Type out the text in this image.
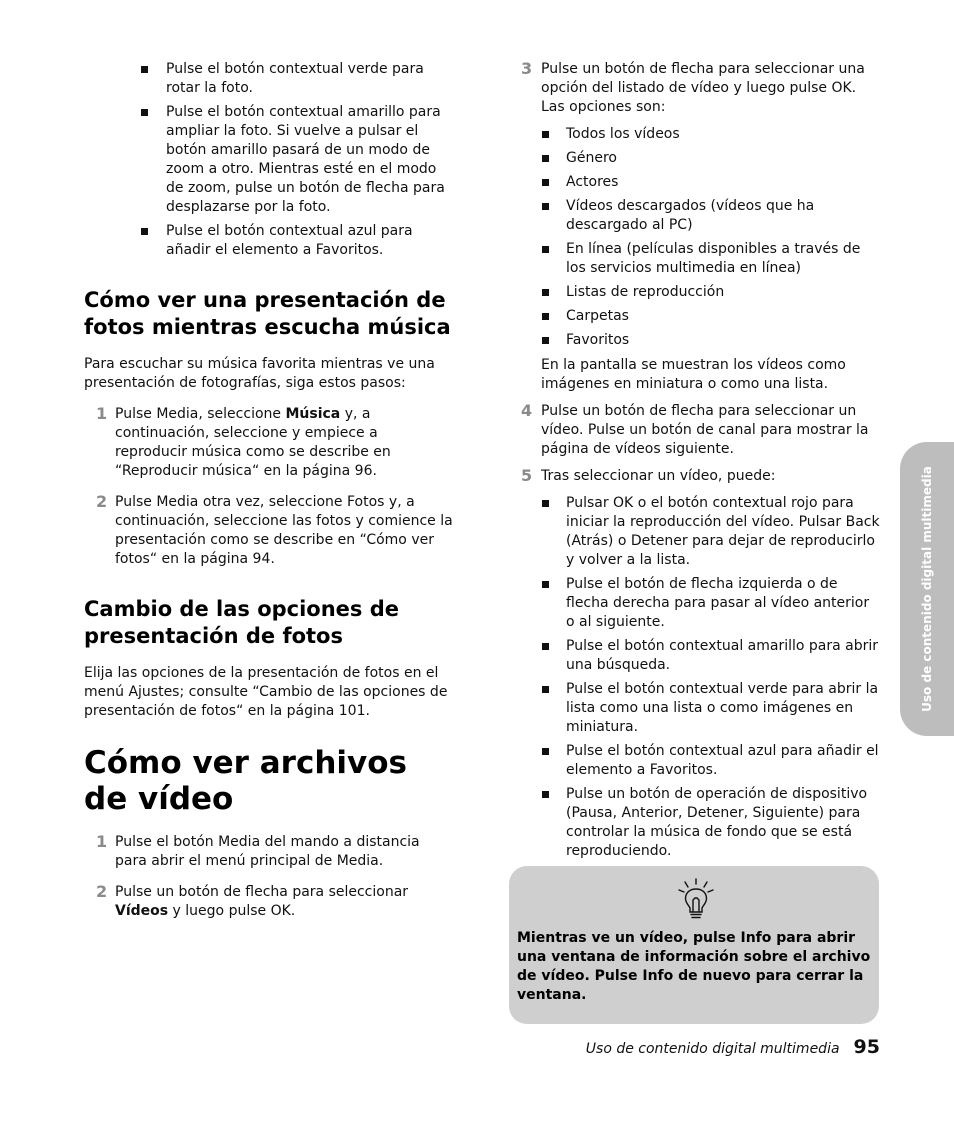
Pulse el botón contextual verde para rotar la foto.
Pulse el botón contextual amarillo para ampliar la foto. Si vuelve a pulsar el botón amarillo pasará de un modo de zoom a otro. Mientras esté en el modo de zoom, pulse un botón de flecha para desplazarse por la foto.
Pulse el botón contextual azul para añadir el elemento a Favoritos.
Cómo ver una presentación de fotos mientras escucha música

Para escuchar su música favorita mientras ve una presentación de fotografías, siga estos pasos:

1 Pulse Media, seleccione Música y, a continuación, seleccione y empiece a reproducir música como se describe en “Reproducir música“ en la página 96.
2 Pulse Media otra vez, seleccione Fotos y, a continuación, seleccione las fotos y comience la presentación como se describe en “Cómo ver fotos“ en la página 94.
Cambio de las opciones de presentación de fotos

Elija las opciones de la presentación de fotos en el menú Ajustes; consulte “Cambio de las opciones de presentación de fotos“ en la página 101.

Cómo ver archivos de vídeo
1 Pulse el botón Media del mando a distancia para abrir el menú principal de Media.
2 Pulse un botón de flecha para seleccionar Vídeos y luego pulse OK.
3 Pulse un botón de flecha para seleccionar una opción del listado de vídeo y luego pulse OK. Las opciones son:
Todos los vídeos
Género
Actores
Vídeos descargados (vídeos que ha descargado al PC)
En línea (películas disponibles a través de los servicios multimedia en línea)
Listas de reproducción
Carpetas
Favoritos

En la pantalla se muestran los vídeos como imágenes en miniatura o como una lista.

4 Pulse un botón de flecha para seleccionar un vídeo. Pulse un botón de canal para mostrar la página de vídeos siguiente.
5 Tras seleccionar un vídeo, puede:
Pulsar OK o el botón contextual rojo para iniciar la reproducción del vídeo. Pulsar Back (Atrás) o Detener para dejar de reproducirlo y volver a la lista.
Pulse el botón de flecha izquierda o de flecha derecha para pasar al vídeo anterior o al siguiente.
Pulse el botón contextual amarillo para abrir una búsqueda.
Pulse el botón contextual verde para abrir la lista como una lista o como imágenes en miniatura.
Pulse el botón contextual azul para añadir el elemento a Favoritos.
Pulse un botón de operación de dispositivo (Pausa, Anterior, Detener, Siguiente) para controlar la música de fondo que se está reproduciendo.
Mientras ve un vídeo, pulse Info para abrir una ventana de información sobre el archivo de vídeo. Pulse Info de nuevo para cerrar la ventana.
Uso de contenido digital multimedia
Uso de contenido digital multimedia 95
